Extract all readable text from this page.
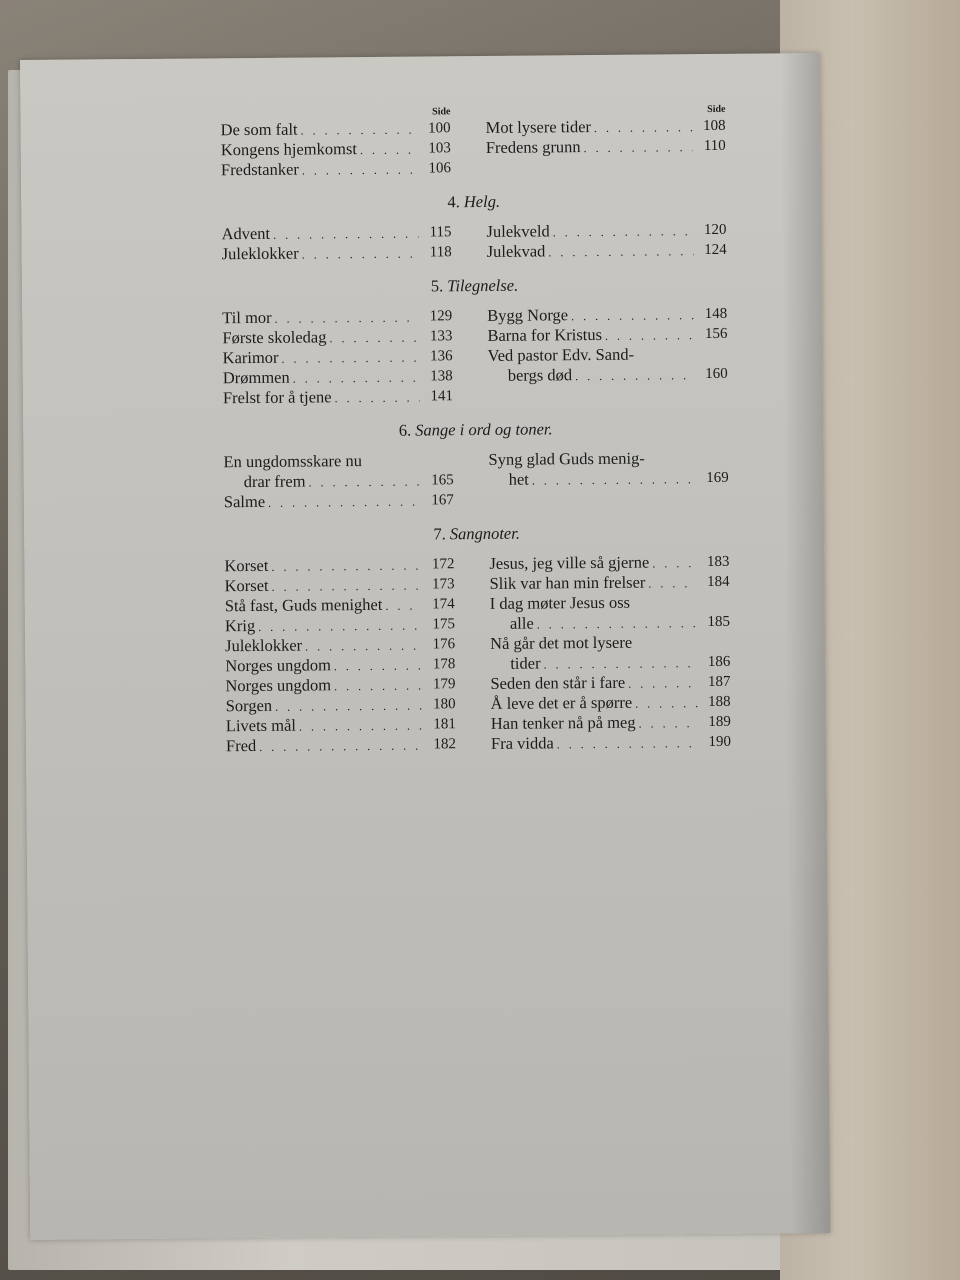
Side
De som falt . . .	100
Kongens hjemkomst . . .	103
Fredstanker . . .	106
Side
Mot lysere tider . . .	108
Fredens grunn . . .	110
4. Helg.
Advent . . .	115
Juleklokker . . .	118
Julekveld . . .	120
Julekvad . . .	124
5. Tilegnelse.
Til mor . . .	129
Første skoledag . . .	133
Karimor . . .	136
Drømmen . . .	138
Frelst for å tjene . . .	141
Bygg Norge . . .	148
Barna for Kristus . . .	156
Ved pastor Edv. Sand-
bergs død . . .	160
6. Sange i ord og toner.
En ungdomsskare nu
drar frem . . .	165
Salme . . .	167
Syng glad Guds menig-
het . . .	169
7. Sangnoter.
Korset . . .	172
Korset . . .	173
Stå fast, Guds menighet . . .	174
Krig . . .	175
Juleklokker . . .	176
Norges ungdom . . .	178
Norges ungdom . . .	179
Sorgen . . .	180
Livets mål . . .	181
Fred . . .	182
Jesus, jeg ville så gjerne . . .	183
Slik var han min frelser . . .	184
I dag møter Jesus oss
alle . . .	185
Nå går det mot lysere
tider . . .	186
Seden den står i fare . . .	187
Å leve det er å spørre . . .	188
Han tenker nå på meg . . .	189
Fra vidda . . .	190
